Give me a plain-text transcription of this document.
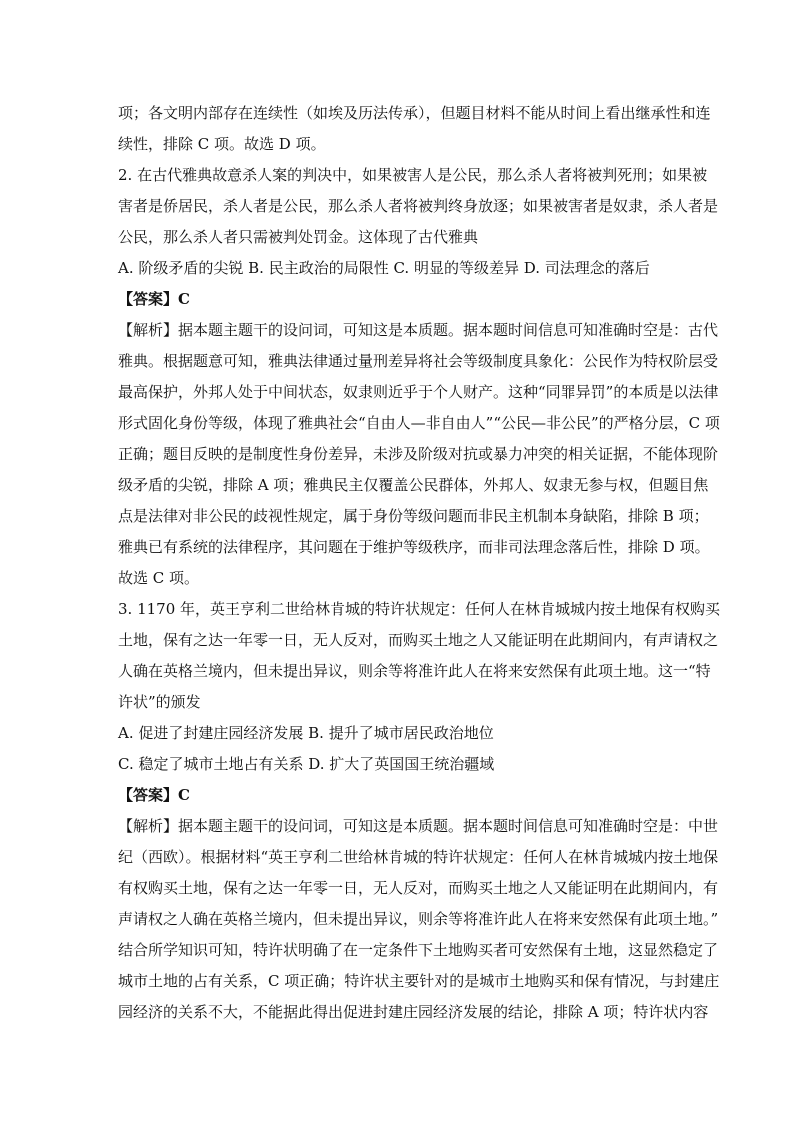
项；各文明内部存在连续性（如埃及历法传承），但题目材料不能从时间上看出继承性和连
续性，排除 C 项。故选 D 项。
2. 在古代雅典故意杀人案的判决中，如果被害人是公民，那么杀人者将被判死刑；如果被
害者是侨居民，杀人者是公民，那么杀人者将被判终身放逐；如果被害者是奴隶，杀人者是
公民，那么杀人者只需被判处罚金。这体现了古代雅典
A. 阶级矛盾的尖锐 B. 民主政治的局限性 C. 明显的等级差异 D. 司法理念的落后
【答案】C
【解析】据本题主题干的设问词，可知这是本质题。据本题时间信息可知准确时空是：古代
雅典。根据题意可知，雅典法律通过量刑差异将社会等级制度具象化：公民作为特权阶层受
最高保护，外邦人处于中间状态，奴隶则近乎于个人财产。这种“同罪异罚”的本质是以法律
形式固化身份等级，体现了雅典社会“自由人—非自由人”“公民—非公民”的严格分层，C 项
正确；题目反映的是制度性身份差异，未涉及阶级对抗或暴力冲突的相关证据，不能体现阶
级矛盾的尖锐，排除 A 项；雅典民主仅覆盖公民群体，外邦人、奴隶无参与权，但题目焦
点是法律对非公民的歧视性规定，属于身份等级问题而非民主机制本身缺陷，排除 B 项；
雅典已有系统的法律程序，其问题在于维护等级秩序，而非司法理念落后性，排除 D 项。
故选 C 项。
3. 1170 年，英王亨利二世给林肯城的特许状规定：任何人在林肯城城内按土地保有权购买
土地，保有之达一年零一日，无人反对，而购买土地之人又能证明在此期间内，有声请权之
人确在英格兰境内，但未提出异议，则余等将准许此人在将来安然保有此项土地。这一“特
许状”的颁发
A. 促进了封建庄园经济发展 B. 提升了城市居民政治地位
C. 稳定了城市土地占有关系 D. 扩大了英国国王统治疆域
【答案】C
【解析】据本题主题干的设问词，可知这是本质题。据本题时间信息可知准确时空是：中世
纪（西欧）。根据材料“英王亨利二世给林肯城的特许状规定：任何人在林肯城城内按土地保
有权购买土地，保有之达一年零一日，无人反对，而购买土地之人又能证明在此期间内，有
声请权之人确在英格兰境内，但未提出异议，则余等将准许此人在将来安然保有此项土地。”
结合所学知识可知，特许状明确了在一定条件下土地购买者可安然保有土地，这显然稳定了
城市土地的占有关系，C 项正确；特许状主要针对的是城市土地购买和保有情况，与封建庄
园经济的关系不大，不能据此得出促进封建庄园经济发展的结论，排除 A 项；特许状内容
